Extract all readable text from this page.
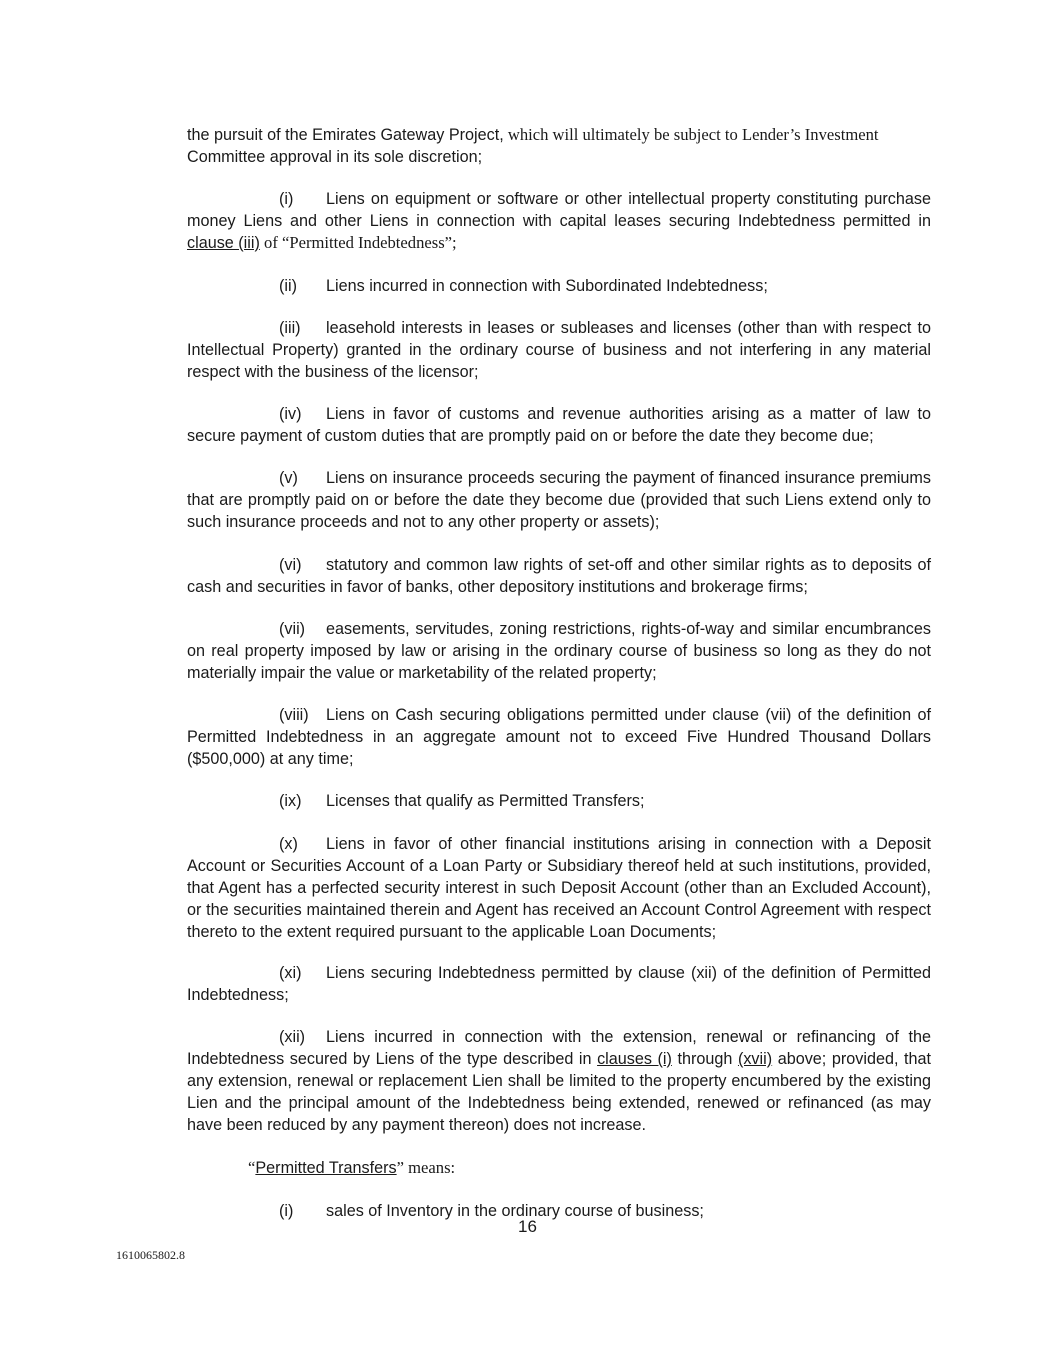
the pursuit of the Emirates Gateway Project, which will ultimately be subject to Lender’s Investment
Committee approval in its sole discretion;

(i) Liens on equipment or software or other intellectual property constituting purchase money Liens and other Liens in connection with capital leases securing Indebtedness permitted in clause (iii) of “Permitted Indebtedness”;

(ii) Liens incurred in connection with Subordinated Indebtedness;

(iii) leasehold interests in leases or subleases and licenses (other than with respect to Intellectual Property) granted in the ordinary course of business and not interfering in any material respect with the business of the licensor;

(iv) Liens in favor of customs and revenue authorities arising as a matter of law to secure payment of custom duties that are promptly paid on or before the date they become due;

(v) Liens on insurance proceeds securing the payment of financed insurance premiums that are promptly paid on or before the date they become due (provided that such Liens extend only to such insurance proceeds and not to any other property or assets);

(vi) statutory and common law rights of set-off and other similar rights as to deposits of cash and securities in favor of banks, other depository institutions and brokerage firms;

(vii) easements, servitudes, zoning restrictions, rights-of-way and similar encumbrances on real property imposed by law or arising in the ordinary course of business so long as they do not materially impair the value or marketability of the related property;

(viii) Liens on Cash securing obligations permitted under clause (vii) of the definition of Permitted Indebtedness in an aggregate amount not to exceed Five Hundred Thousand Dollars ($500,000) at any time;

(ix) Licenses that qualify as Permitted Transfers;

(x) Liens in favor of other financial institutions arising in connection with a Deposit Account or Securities Account of a Loan Party or Subsidiary thereof held at such institutions, provided, that Agent has a perfected security interest in such Deposit Account (other than an Excluded Account), or the securities maintained therein and Agent has received an Account Control Agreement with respect thereto to the extent required pursuant to the applicable Loan Documents;

(xi) Liens securing Indebtedness permitted by clause (xii) of the definition of Permitted Indebtedness;

(xii) Liens incurred in connection with the extension, renewal or refinancing of the Indebtedness secured by Liens of the type described in clauses (i) through (xvii) above; provided, that any extension, renewal or replacement Lien shall be limited to the property encumbered by the existing Lien and the principal amount of the Indebtedness being extended, renewed or refinanced (as may have been reduced by any payment thereon) does not increase.

“Permitted Transfers” means:

(i) sales of Inventory in the ordinary course of business;

16

1610065802.8
